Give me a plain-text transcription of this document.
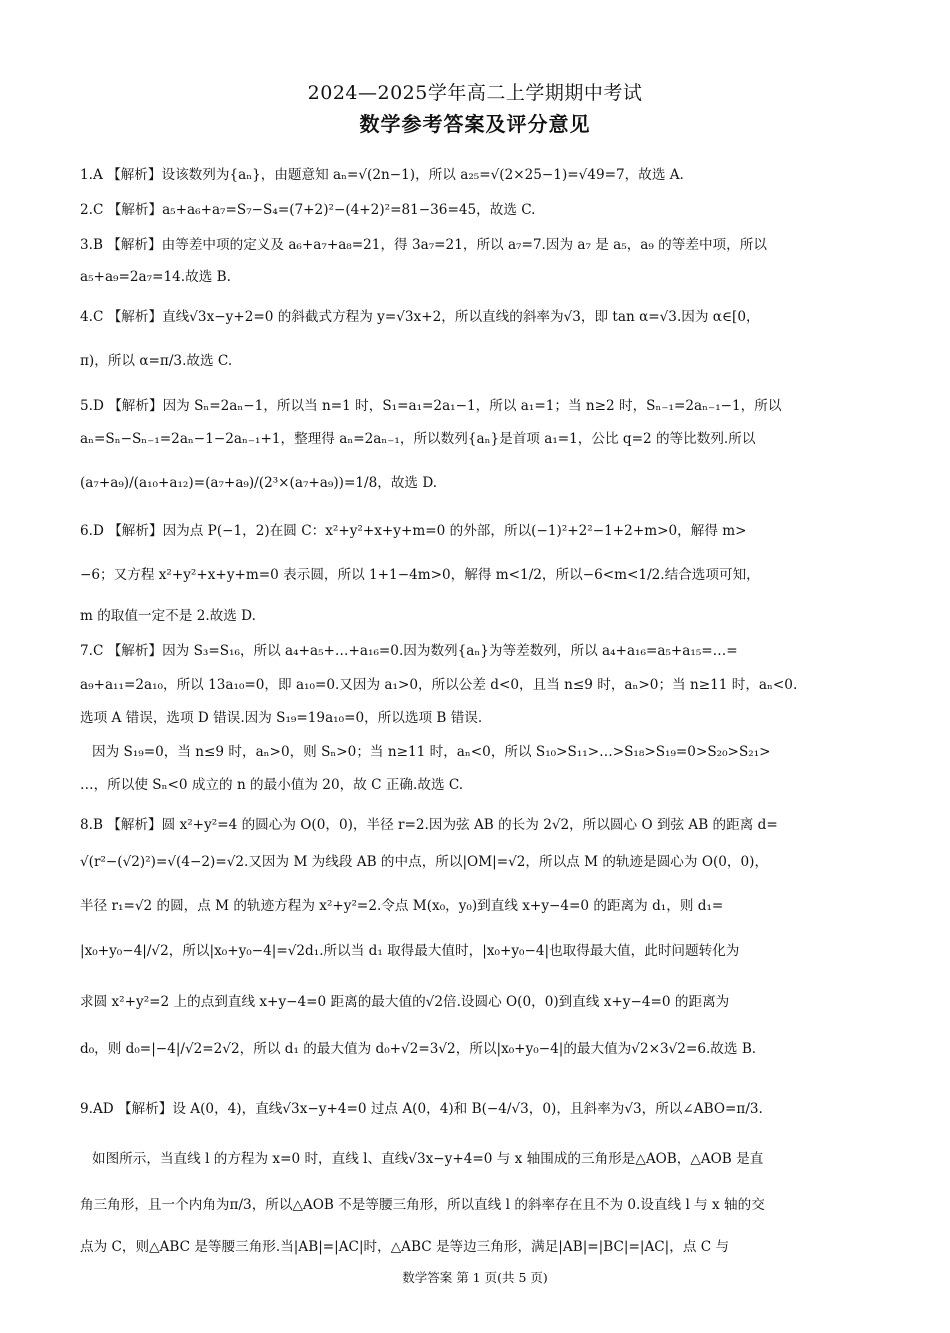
2024—2025学年高二上学期期中考试
数学参考答案及评分意见
1.A 【解析】设该数列为{aₙ}，由题意知 aₙ=√(2n−1)，所以 a₂₅=√(2×25−1)=√49=7，故选 A.
2.C 【解析】a₅+a₆+a₇=S₇−S₄=(7+2)²−(4+2)²=81−36=45，故选 C.
3.B 【解析】由等差中项的定义及 a₆+a₇+a₈=21，得 3a₇=21，所以 a₇=7.因为 a₇ 是 a₅，a₉ 的等差中项，所以
a₅+a₉=2a₇=14.故选 B.
4.C 【解析】直线√3x−y+2=0 的斜截式方程为 y=√3x+2，所以直线的斜率为√3，即 tan α=√3.因为 α∈[0，
π)，所以 α=π/3.故选 C.
5.D 【解析】因为 Sₙ=2aₙ−1，所以当 n=1 时，S₁=a₁=2a₁−1，所以 a₁=1；当 n≥2 时，Sₙ₋₁=2aₙ₋₁−1，所以
aₙ=Sₙ−Sₙ₋₁=2aₙ−1−2aₙ₋₁+1，整理得 aₙ=2aₙ₋₁，所以数列{aₙ}是首项 a₁=1，公比 q=2 的等比数列.所以
(a₇+a₉)/(a₁₀+a₁₂)=(a₇+a₉)/(2³×(a₇+a₉))=1/8，故选 D.
6.D 【解析】因为点 P(−1，2)在圆 C：x²+y²+x+y+m=0 的外部，所以(−1)²+2²−1+2+m>0，解得 m>
−6；又方程 x²+y²+x+y+m=0 表示圆，所以 1+1−4m>0，解得 m<1/2，所以−6<m<1/2.结合选项可知，
m 的取值一定不是 2.故选 D.
7.C 【解析】因为 S₃=S₁₆，所以 a₄+a₅+…+a₁₆=0.因为数列{aₙ}为等差数列，所以 a₄+a₁₆=a₅+a₁₅=…=
a₉+a₁₁=2a₁₀，所以 13a₁₀=0，即 a₁₀=0.又因为 a₁>0，所以公差 d<0，且当 n≤9 时，aₙ>0；当 n≥11 时，aₙ<0.
选项 A 错误，选项 D 错误.因为 S₁₉=19a₁₀=0，所以选项 B 错误.
因为 S₁₉=0，当 n≤9 时，aₙ>0，则 Sₙ>0；当 n≥11 时，aₙ<0，所以 S₁₀>S₁₁>…>S₁₈>S₁₉=0>S₂₀>S₂₁>
…，所以使 Sₙ<0 成立的 n 的最小值为 20，故 C 正确.故选 C.
8.B 【解析】圆 x²+y²=4 的圆心为 O(0，0)，半径 r=2.因为弦 AB 的长为 2√2，所以圆心 O 到弦 AB 的距离 d=
√(r²−(√2)²)=√(4−2)=√2.又因为 M 为线段 AB 的中点，所以|OM|=√2，所以点 M 的轨迹是圆心为 O(0，0)，
半径 r₁=√2 的圆，点 M 的轨迹方程为 x²+y²=2.令点 M(x₀，y₀)到直线 x+y−4=0 的距离为 d₁，则 d₁=
|x₀+y₀−4|/√2，所以|x₀+y₀−4|=√2d₁.所以当 d₁ 取得最大值时，|x₀+y₀−4|也取得最大值，此时问题转化为
求圆 x²+y²=2 上的点到直线 x+y−4=0 距离的最大值的√2倍.设圆心 O(0，0)到直线 x+y−4=0 的距离为
d₀，则 d₀=|−4|/√2=2√2，所以 d₁ 的最大值为 d₀+√2=3√2，所以|x₀+y₀−4|的最大值为√2×3√2=6.故选 B.
9.AD 【解析】设 A(0，4)，直线√3x−y+4=0 过点 A(0，4)和 B(−4/√3，0)，且斜率为√3，所以∠ABO=π/3.
如图所示，当直线 l 的方程为 x=0 时，直线 l、直线√3x−y+4=0 与 x 轴围成的三角形是△AOB，△AOB 是直
角三角形，且一个内角为π/3，所以△AOB 不是等腰三角形，所以直线 l 的斜率存在且不为 0.设直线 l 与 x 轴的交
点为 C，则△ABC 是等腰三角形.当|AB|=|AC|时，△ABC 是等边三角形，满足|AB|=|BC|=|AC|，点 C 与
数学答案 第 1 页(共 5 页)
